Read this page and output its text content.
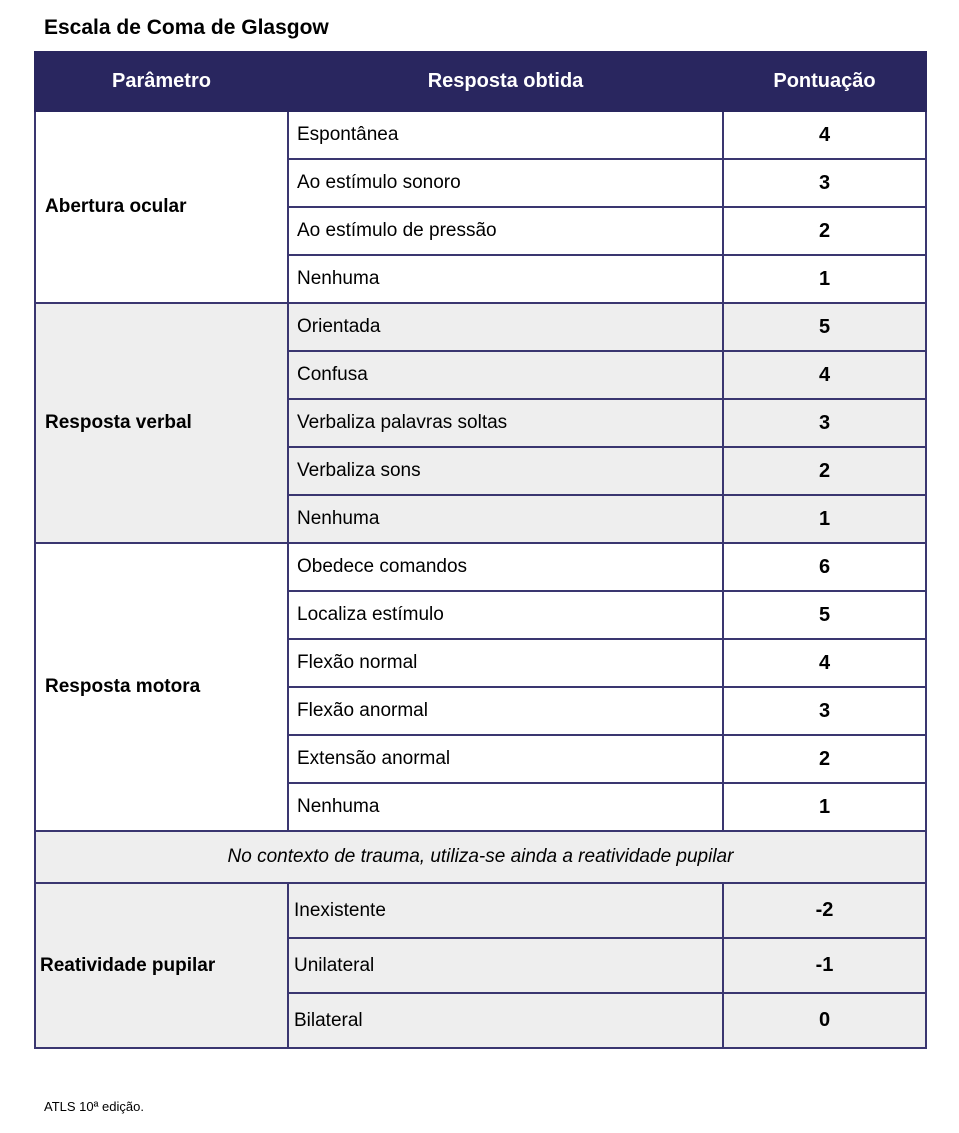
Escala de Coma de Glasgow
Parâmetro	Resposta obtida	Pontuação
Abertura ocular	Espontânea	4
	Ao estímulo sonoro	3
	Ao estímulo de pressão	2
	Nenhuma	1
Resposta verbal	Orientada	5
	Confusa	4
	Verbaliza palavras soltas	3
	Verbaliza sons	2
	Nenhuma	1
Resposta motora	Obedece comandos	6
	Localiza estímulo	5
	Flexão normal	4
	Flexão anormal	3
	Extensão anormal	2
	Nenhuma	1
No contexto de trauma, utiliza-se ainda a reatividade pupilar		
Reatividade pupilar	Inexistente	-2
	Unilateral	-1
	Bilateral	0
ATLS 10ª edição.
